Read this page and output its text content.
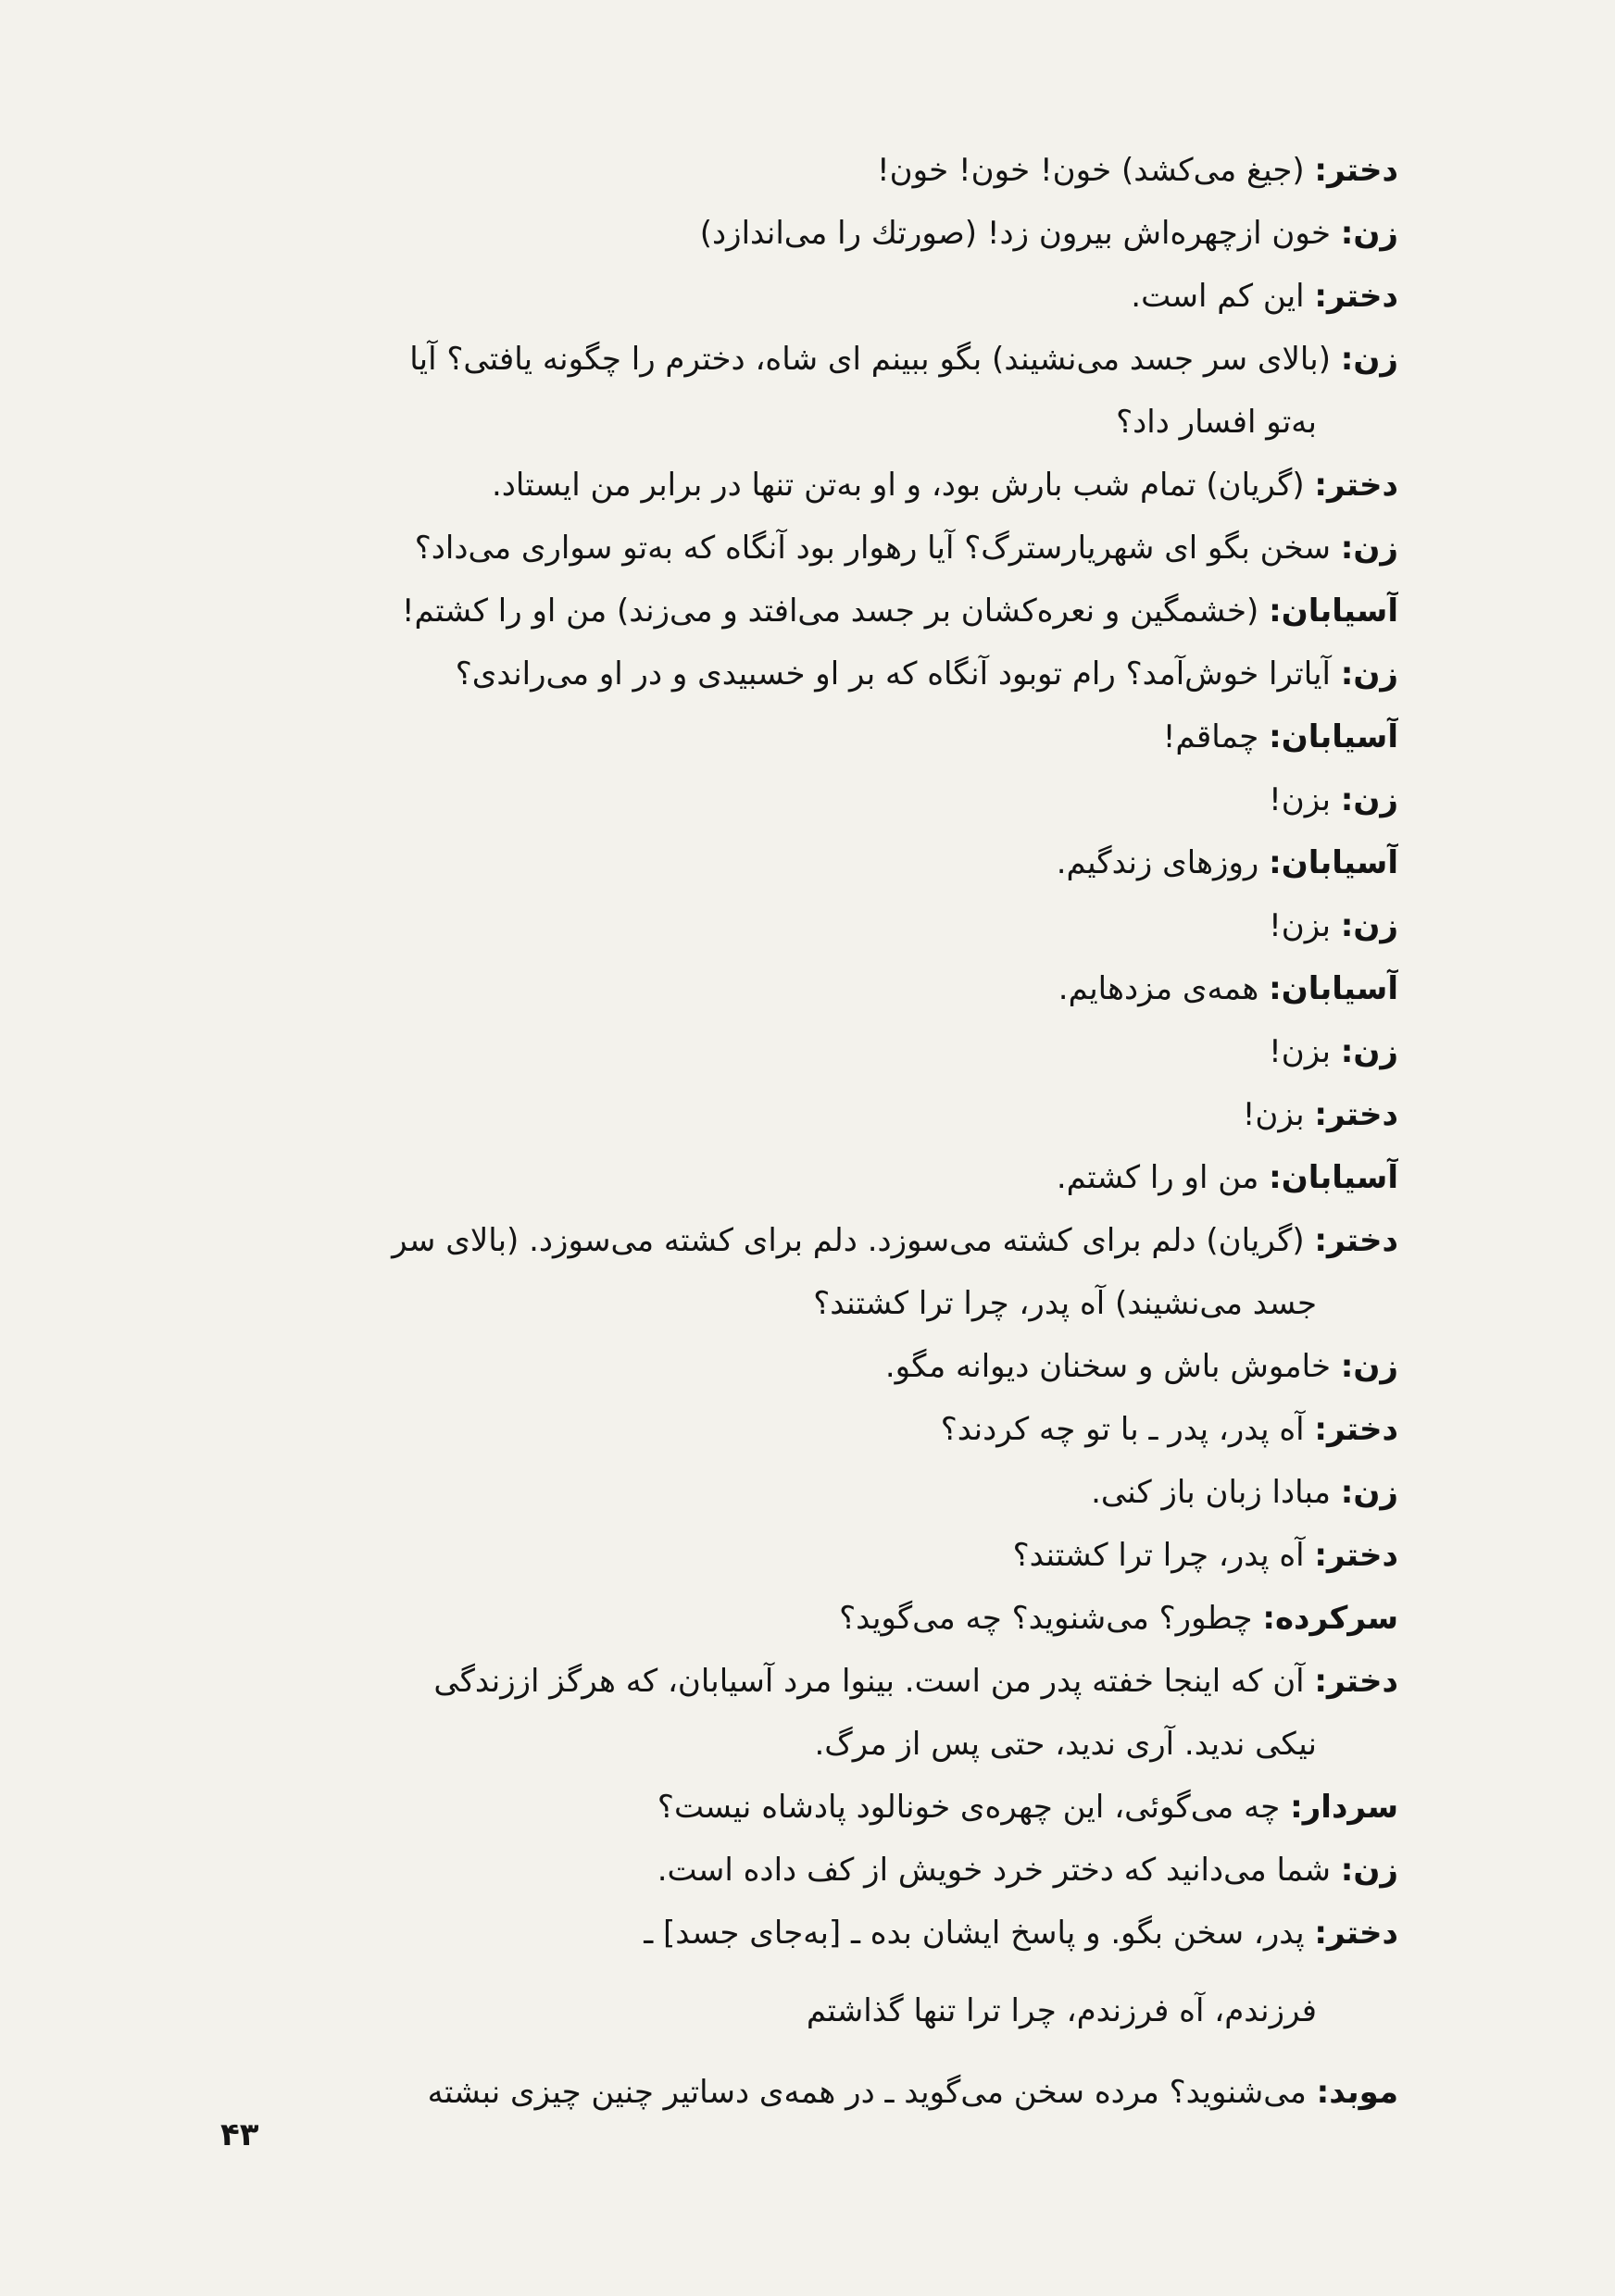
دختر: (جیغ می‌کشد) خون! خون! خون!
زن: خون ازچهره‌اش بیرون زد! (صورتك را می‌اندازد)
دختر: این کم است.
زن: (بالای سر جسد می‌نشیند) بگو ببینم ای شاه، دخترم را چگونه یافتی؟ آیا
به‌تو افسار داد؟
دختر: (گریان) تمام شب بارش بود، و او به‌تن تنها در برابر من ایستاد.
زن: سخن بگو ای شهریارسترگ؟ آیا رهوار بود آنگاه که به‌تو سواری می‌داد؟
آسیابان: (خشمگین و نعره‌کشان بر جسد می‌افتد و می‌زند) من او را کشتم!
زن: آیاترا خوش‌آمد؟ رام توبود آنگاه که بر او خسبیدی و در او می‌راندی؟
آسیابان: چماقم!
زن: بزن!
آسیابان: روزهای زندگیم.
زن: بزن!
آسیابان: همه‌ی مزدهایم.
زن: بزن!
دختر: بزن!
آسیابان: من او را کشتم.
دختر: (گریان) دلم برای کشته می‌سوزد. دلم برای کشته می‌سوزد. (بالای سر
جسد می‌نشیند) آه پدر، چرا ترا کشتند؟
زن: خاموش باش و سخنان دیوانه مگو.
دختر: آه پدر، پدر ـ با تو چه کردند؟
زن: مبادا زبان باز کنی.
دختر: آه پدر، چرا ترا کشتند؟
سرکرده: چطور؟ می‌شنوید؟ چه می‌گوید؟
دختر: آن که اینجا خفته پدر من است. بینوا مرد آسیابان، که هرگز اززندگی
نیکی ندید. آری ندید، حتی پس از مرگ.
سردار: چه می‌گوئی، این چهره‌ی خونالود پادشاه نیست؟
زن: شما می‌دانید که دختر خرد خویش از کف داده است.
دختر: پدر، سخن بگو. و پاسخ ایشان بده ـ [به‌جای جسد] ـ
فرزندم، آه فرزندم، چرا ترا تنها گذاشتم
موبد: می‌شنوید؟ مرده سخن می‌گوید ـ در همه‌ی دساتیر چنین چیزی نبشته
۴۳
